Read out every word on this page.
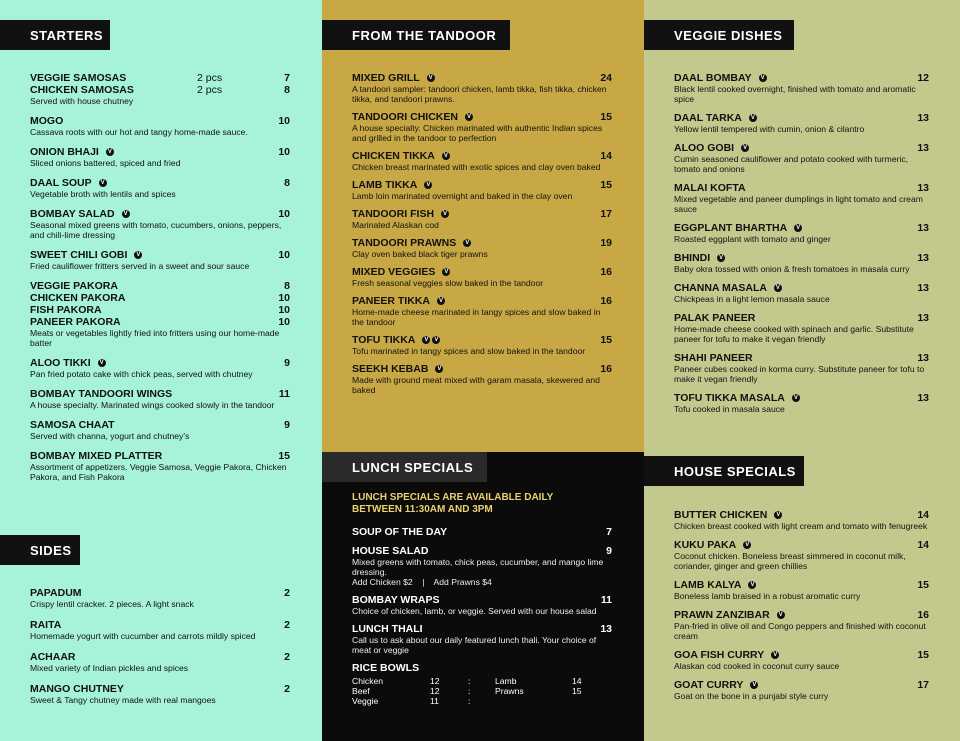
STARTERS
VEGGIE SAMOSAS	2 pcs	7
CHICKEN SAMOSAS	2 pcs	8
Served with house chutney
MOGO	10
Cassava roots with our hot and tangy home-made sauce.
ONION BHAJI	V	10
Sliced onions battered, spiced and fried
DAAL SOUP	V	8
Vegetable broth with lentils and spices
BOMBAY SALAD	V	10
Seasonal mixed greens with tomato, cucumbers, onions, peppers, and chili-lime dressing
SWEET CHILI GOBI	V	10
Fried cauliflower fritters served in a sweet and sour sauce
VEGGIE PAKORA	8
CHICKEN PAKORA	10
FISH PAKORA	10
PANEER PAKORA	10
Meats or vegetables lightly fried into fritters using our home-made batter
ALOO TIKKI	V	9
Pan fried potato cake with chick peas, served with chutney
BOMBAY TANDOORI WINGS	11
A house specialty. Marinated wings cooked slowly in the tandoor
SAMOSA CHAAT	9
Served with channa, yogurt and chutney's
BOMBAY MIXED PLATTER	15
Assortment of appetizers. Veggie Samosa, Veggie Pakora, Chicken Pakora, and Fish Pakora
SIDES
PAPADUM	2
Crispy lentil cracker. 2 pieces. A light snack
RAITA	2
Homemade yogurt with cucumber and carrots mildly spiced
ACHAAR	2
Mixed variety of Indian pickles and spices
MANGO CHUTNEY	2
Sweet & Tangy chutney made with real mangoes
FROM THE TANDOOR
MIXED GRILL	V	24
A tandoori sampler: tandoori chicken, lamb tikka, fish tikka, chicken tikka, and tandoori prawns.
TANDOORI CHICKEN	V	15
A house specialty. Chicken marinated with authentic Indian spices and grilled in the tandoor to perfection
CHICKEN TIKKA	V	14
Chicken breast marinated with exotic spices and clay oven baked
LAMB TIKKA	V	15
Lamb loin marinated overnight and baked in the clay oven
TANDOORI FISH	V	17
Marinated Alaskan cod
TANDOORI PRAWNS	V	19
Clay oven baked black tiger prawns
MIXED VEGGIES	V	16
Fresh seasonal veggies slow baked in the tandoor
PANEER TIKKA	V	16
Home-made cheese marinated in tangy spices and slow baked in the tandoor
TOFU TIKKA	V V	15
Tofu marinated in tangy spices and slow baked in the tandoor
SEEKH KEBAB	V	16
Made with ground meat mixed with garam masala, skewered and baked
LUNCH SPECIALS
LUNCH SPECIALS ARE AVAILABLE DAILY BETWEEN 11:30AM AND 3PM
SOUP OF THE DAY	7
HOUSE SALAD	9
Mixed greens with tomato, chick peas, cucumber, and mango lime dressing.
Add Chicken $2    |    Add Prawns $4
BOMBAY WRAPS	11
Choice of chicken, lamb, or veggie. Served with our house salad
LUNCH THALI	13
Call us to ask about our daily featured lunch thali. Your choice of meat or veggie
RICE BOWLS
Chicken	12	:	Lamb	14
Beef	12	:	Prawns	15
Veggie	11	:
VEGGIE DISHES
DAAL BOMBAY	V	12
Black lentil cooked overnight, finished with tomato and aromatic spice
DAAL TARKA	V	13
Yellow lentil tempered with cumin, onion & cilantro
ALOO GOBI	V	13
Cumin seasoned cauliflower and potato cooked with turmeric, tomato and onions
MALAI KOFTA	13
Mixed vegetable and paneer dumplings in light tomato and cream sauce
EGGPLANT BHARTHA	V	13
Roasted eggplant with tomato and ginger
BHINDI	V	13
Baby okra tossed with onion & fresh tomatoes in masala curry
CHANNA MASALA	V	13
Chickpeas in a light lemon masala sauce
PALAK PANEER	13
Home-made cheese cooked with spinach and garlic. Substitute paneer for tofu to make it vegan friendly
SHAHI PANEER	13
Paneer cubes cooked in korma curry. Substitute paneer for tofu to make it vegan friendly
TOFU TIKKA MASALA	V	13
Tofu cooked in masala sauce
HOUSE SPECIALS
BUTTER CHICKEN	V	14
Chicken breast cooked with light cream and tomato with fenugreek
KUKU PAKA	V	14
Coconut chicken. Boneless breast simmered in coconut milk, coriander, ginger and green chillies
LAMB KALYA	V	15
Boneless lamb braised in a robust aromatic curry
PRAWN ZANZIBAR	V	16
Pan-fried in olive oil and Congo peppers and finished with coconut cream
GOA FISH CURRY	V	15
Alaskan cod cooked in coconut curry sauce
GOAT CURRY	V	17
Goat on the bone in a punjabi style curry
